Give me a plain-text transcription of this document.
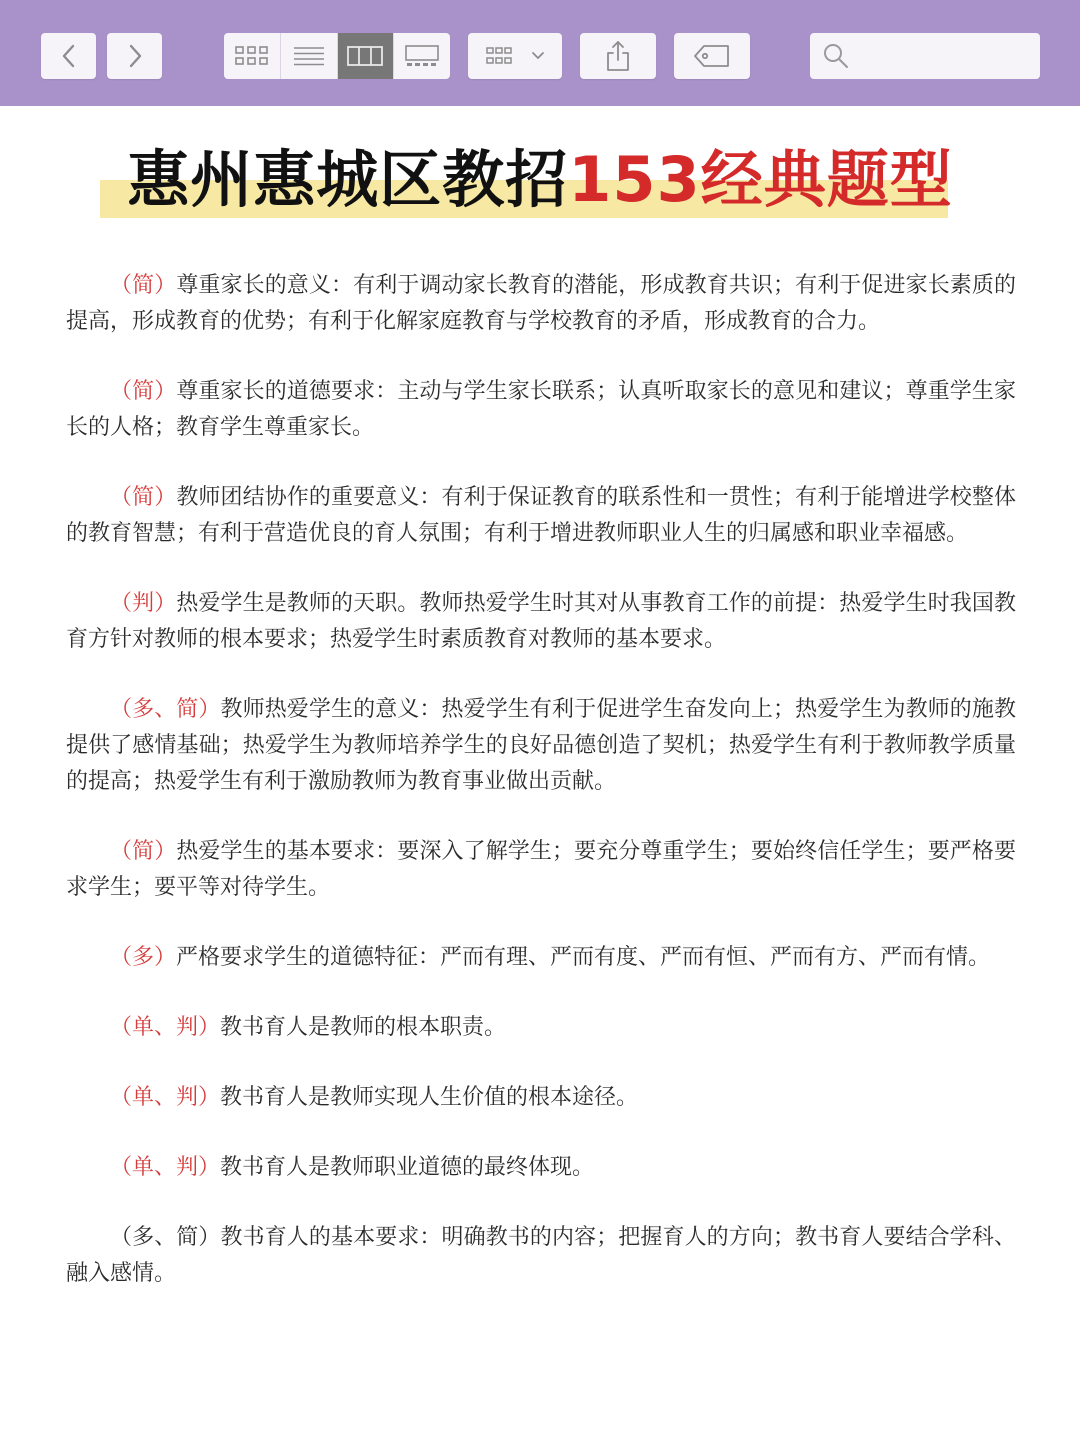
惠州惠城区教招153经典题型

（简）尊重家长的意义：有利于调动家长教育的潜能，形成教育共识；有利于促进家长素质的提高，形成教育的优势；有利于化解家庭教育与学校教育的矛盾，形成教育的合力。

（简）尊重家长的道德要求：主动与学生家长联系；认真听取家长的意见和建议；尊重学生家长的人格；教育学生尊重家长。

（简）教师团结协作的重要意义：有利于保证教育的联系性和一贯性；有利于能增进学校整体的教育智慧；有利于营造优良的育人氛围；有利于增进教师职业人生的归属感和职业幸福感。

（判）热爱学生是教师的天职。教师热爱学生时其对从事教育工作的前提：热爱学生时我国教育方针对教师的根本要求；热爱学生时素质教育对教师的基本要求。

（多、简）教师热爱学生的意义：热爱学生有利于促进学生奋发向上；热爱学生为教师的施教提供了感情基础；热爱学生为教师培养学生的良好品德创造了契机；热爱学生有利于教师教学质量的提高；热爱学生有利于激励教师为教育事业做出贡献。

（简）热爱学生的基本要求：要深入了解学生；要充分尊重学生；要始终信任学生；要严格要求学生；要平等对待学生。

（多）严格要求学生的道德特征：严而有理、严而有度、严而有恒、严而有方、严而有情。

（单、判）教书育人是教师的根本职责。

（单、判）教书育人是教师实现人生价值的根本途径。

（单、判）教书育人是教师职业道德的最终体现。

（多、简）教书育人的基本要求：明确教书的内容；把握育人的方向；教书育人要结合学科、融入感情。
